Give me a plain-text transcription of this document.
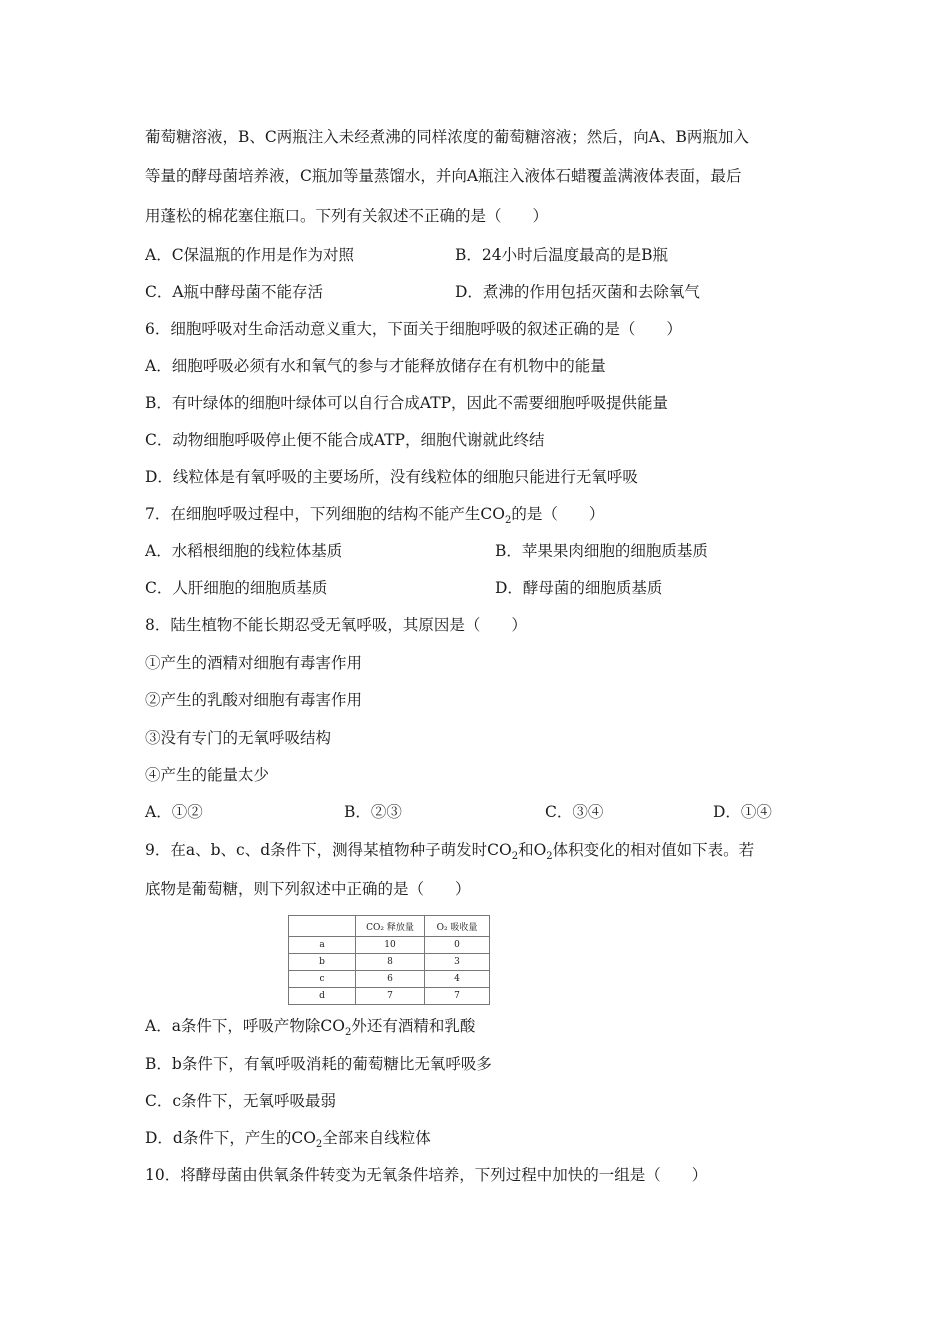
葡萄糖溶液，B、C两瓶注入未经煮沸的同样浓度的葡萄糖溶液；然后，向A、B两瓶加入
等量的酵母菌培养液，C瓶加等量蒸馏水，并向A瓶注入液体石蜡覆盖满液体表面，最后
用蓬松的棉花塞住瓶口。下列有关叙述不正确的是（　　）
A．C保温瓶的作用是作为对照	B．24小时后温度最高的是B瓶
C．A瓶中酵母菌不能存活	D．煮沸的作用包括灭菌和去除氧气
6．细胞呼吸对生命活动意义重大，下面关于细胞呼吸的叙述正确的是（　　）
A．细胞呼吸必须有水和氧气的参与才能释放储存在有机物中的能量
B．有叶绿体的细胞叶绿体可以自行合成ATP，因此不需要细胞呼吸提供能量
C．动物细胞呼吸停止便不能合成ATP，细胞代谢就此终结
D．线粒体是有氧呼吸的主要场所，没有线粒体的细胞只能进行无氧呼吸
7．在细胞呼吸过程中，下列细胞的结构不能产生$CO_2$的是（　　）
A．水稻根细胞的线粒体基质	B．苹果果肉细胞的细胞质基质
C．人肝细胞的细胞质基质	D．酵母菌的细胞质基质
8．陆生植物不能长期忍受无氧呼吸，其原因是（　　）
①产生的酒精对细胞有毒害作用
②产生的乳酸对细胞有毒害作用
③没有专门的无氧呼吸结构
④产生的能量太少
A．①②	B．②③	C．③④	D．①④
9．在a、b、c、d条件下，测得某植物种子萌发时$CO_2$和$O_2$体积变化的相对值如下表。若
底物是葡萄糖，则下列叙述中正确的是（　　）
	CO₂ 释放量	O₂ 吸收量
a	10	0
b	8	3
c	6	4
d	7	7
A．a条件下，呼吸产物除$CO_2$外还有酒精和乳酸
B．b条件下，有氧呼吸消耗的葡萄糖比无氧呼吸多
C．c条件下，无氧呼吸最弱
D．d条件下，产生的$CO_2$全部来自线粒体
10．将酵母菌由供氧条件转变为无氧条件培养，下列过程中加快的一组是（　　）
